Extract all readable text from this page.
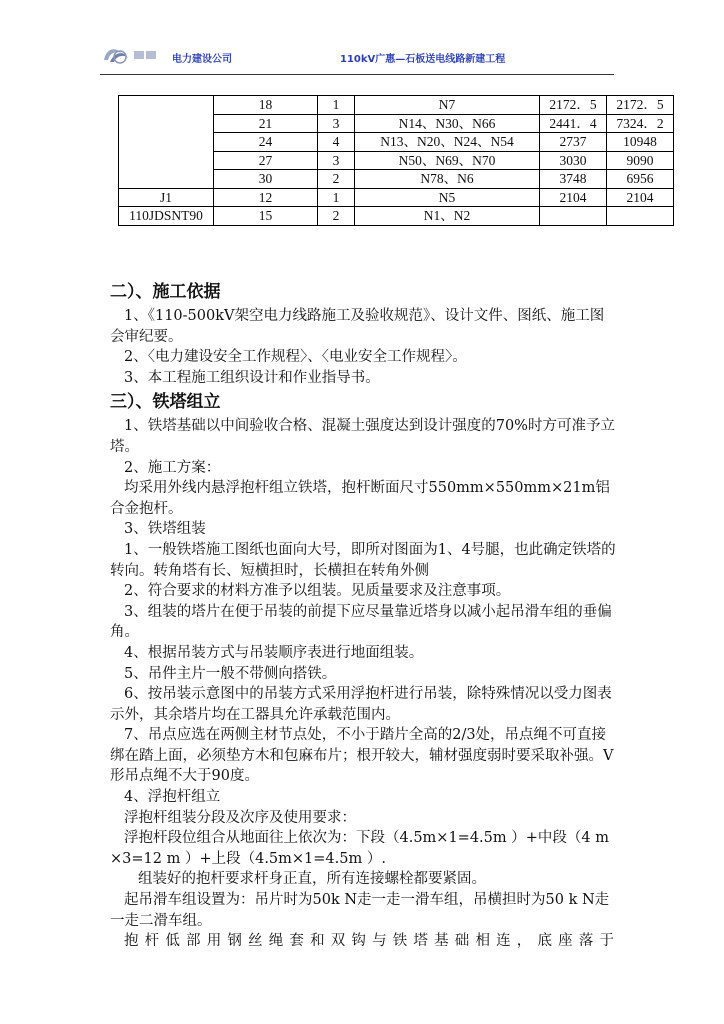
电力建设公司	110kV广惠—石板送电线路新建工程
	18	1	N7	2172．5	2172．5
	21	3	N14、N30、N66	2441．4	7324．2
	24	4	N13、N20、N24、N54	2737	10948
	27	3	N50、N69、N70	3030	9090
	30	2	N78、N6	3748	6956
J1	12	1	N5	2104	2104
110JDSNT90	15	2	N1、N2		
二）、施工依据

1、《110-500kV架空电力线路施工及验收规范》、设计文件、图纸、施工图会审纪要。

2、〈电力建设安全工作规程〉、〈电业安全工作规程〉。

3、本工程施工组织设计和作业指导书。

三）、铁塔组立

1、铁塔基础以中间验收合格、混凝土强度达到设计强度的70%时方可准予立塔。

2、施工方案：

均采用外线内悬浮抱杆组立铁塔，抱杆断面尺寸550mm×550mm×21m铝合金抱杆。

3、铁塔组装

1、一般铁塔施工图纸也面向大号，即所对图面为1、4号腿，也此确定铁塔的转向。转角塔有长、短横担时，长横担在转角外侧

2、符合要求的材料方准予以组装。见质量要求及注意事项。

3、组装的塔片在便于吊装的前提下应尽量靠近塔身以减小起吊滑车组的垂偏角。

4、根据吊装方式与吊装顺序表进行地面组装。

5、吊件主片一般不带侧向搭铁。

6、按吊装示意图中的吊装方式采用浮抱杆进行吊装，除特殊情况以受力图表示外，其余塔片均在工器具允许承载范围内。

7、吊点应选在两侧主材节点处，不小于踏片全高的2/3处，吊点绳不可直接绑在踏上面，必须垫方木和包麻布片；根开较大，辅材强度弱时要采取补强。V形吊点绳不大于90度。

4、浮抱杆组立

浮抱杆组装分段及次序及使用要求：

浮抱杆段位组合从地面往上依次为：下段（4.5m×1=4.5m ）+中段（4 m ×3=12 m ）+上段（4.5m×1=4.5m ）.

组装好的抱杆要求杆身正直，所有连接螺栓都要紧固。

起吊滑车组设置为：吊片时为50k N走一走一滑车组，吊横担时为50 k N走一走二滑车组。

抱杆低部用钢丝绳套和双钩与铁塔基础相连，底座落于
